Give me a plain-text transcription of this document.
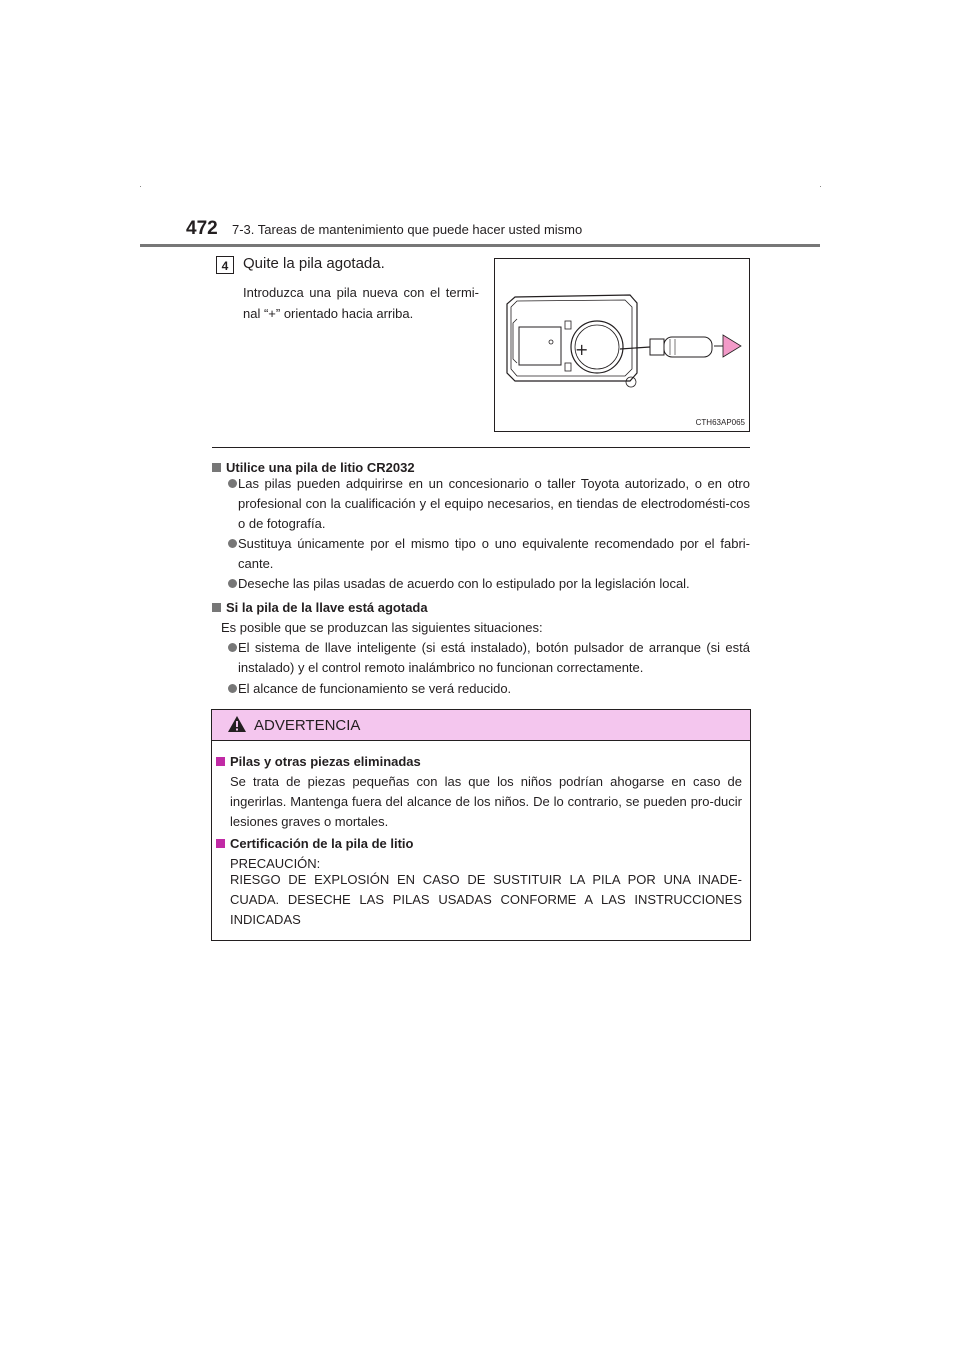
472 7-3. Tareas de mantenimiento que puede hacer usted mismo
4 Quite la pila agotada.
Introduzca una pila nueva con el termi-nal “+” orientado hacia arriba.
+
CTH63AP065
Utilice una pila de litio CR2032
Las pilas pueden adquirirse en un concesionario o taller Toyota autorizado, o en otro profesional con la cualificación y el equipo necesarios, en tiendas de electrodomésti-cos o de fotografía.
Sustituya únicamente por el mismo tipo o uno equivalente recomendado por el fabri-cante.
Deseche las pilas usadas de acuerdo con lo estipulado por la legislación local.
Si la pila de la llave está agotada
Es posible que se produzcan las siguientes situaciones:
El sistema de llave inteligente (si está instalado), botón pulsador de arranque (si está instalado) y el control remoto inalámbrico no funcionan correctamente.
El alcance de funcionamiento se verá reducido.
ADVERTENCIA
Pilas y otras piezas eliminadas
Se trata de piezas pequeñas con las que los niños podrían ahogarse en caso de ingerirlas. Mantenga fuera del alcance de los niños. De lo contrario, se pueden pro-ducir lesiones graves o mortales.
Certificación de la pila de litio
PRECAUCIÓN:
RIESGO DE EXPLOSIÓN EN CASO DE SUSTITUIR LA PILA POR UNA INADE-CUADA. DESECHE LAS PILAS USADAS CONFORME A LAS INSTRUCCIONES INDICADAS
